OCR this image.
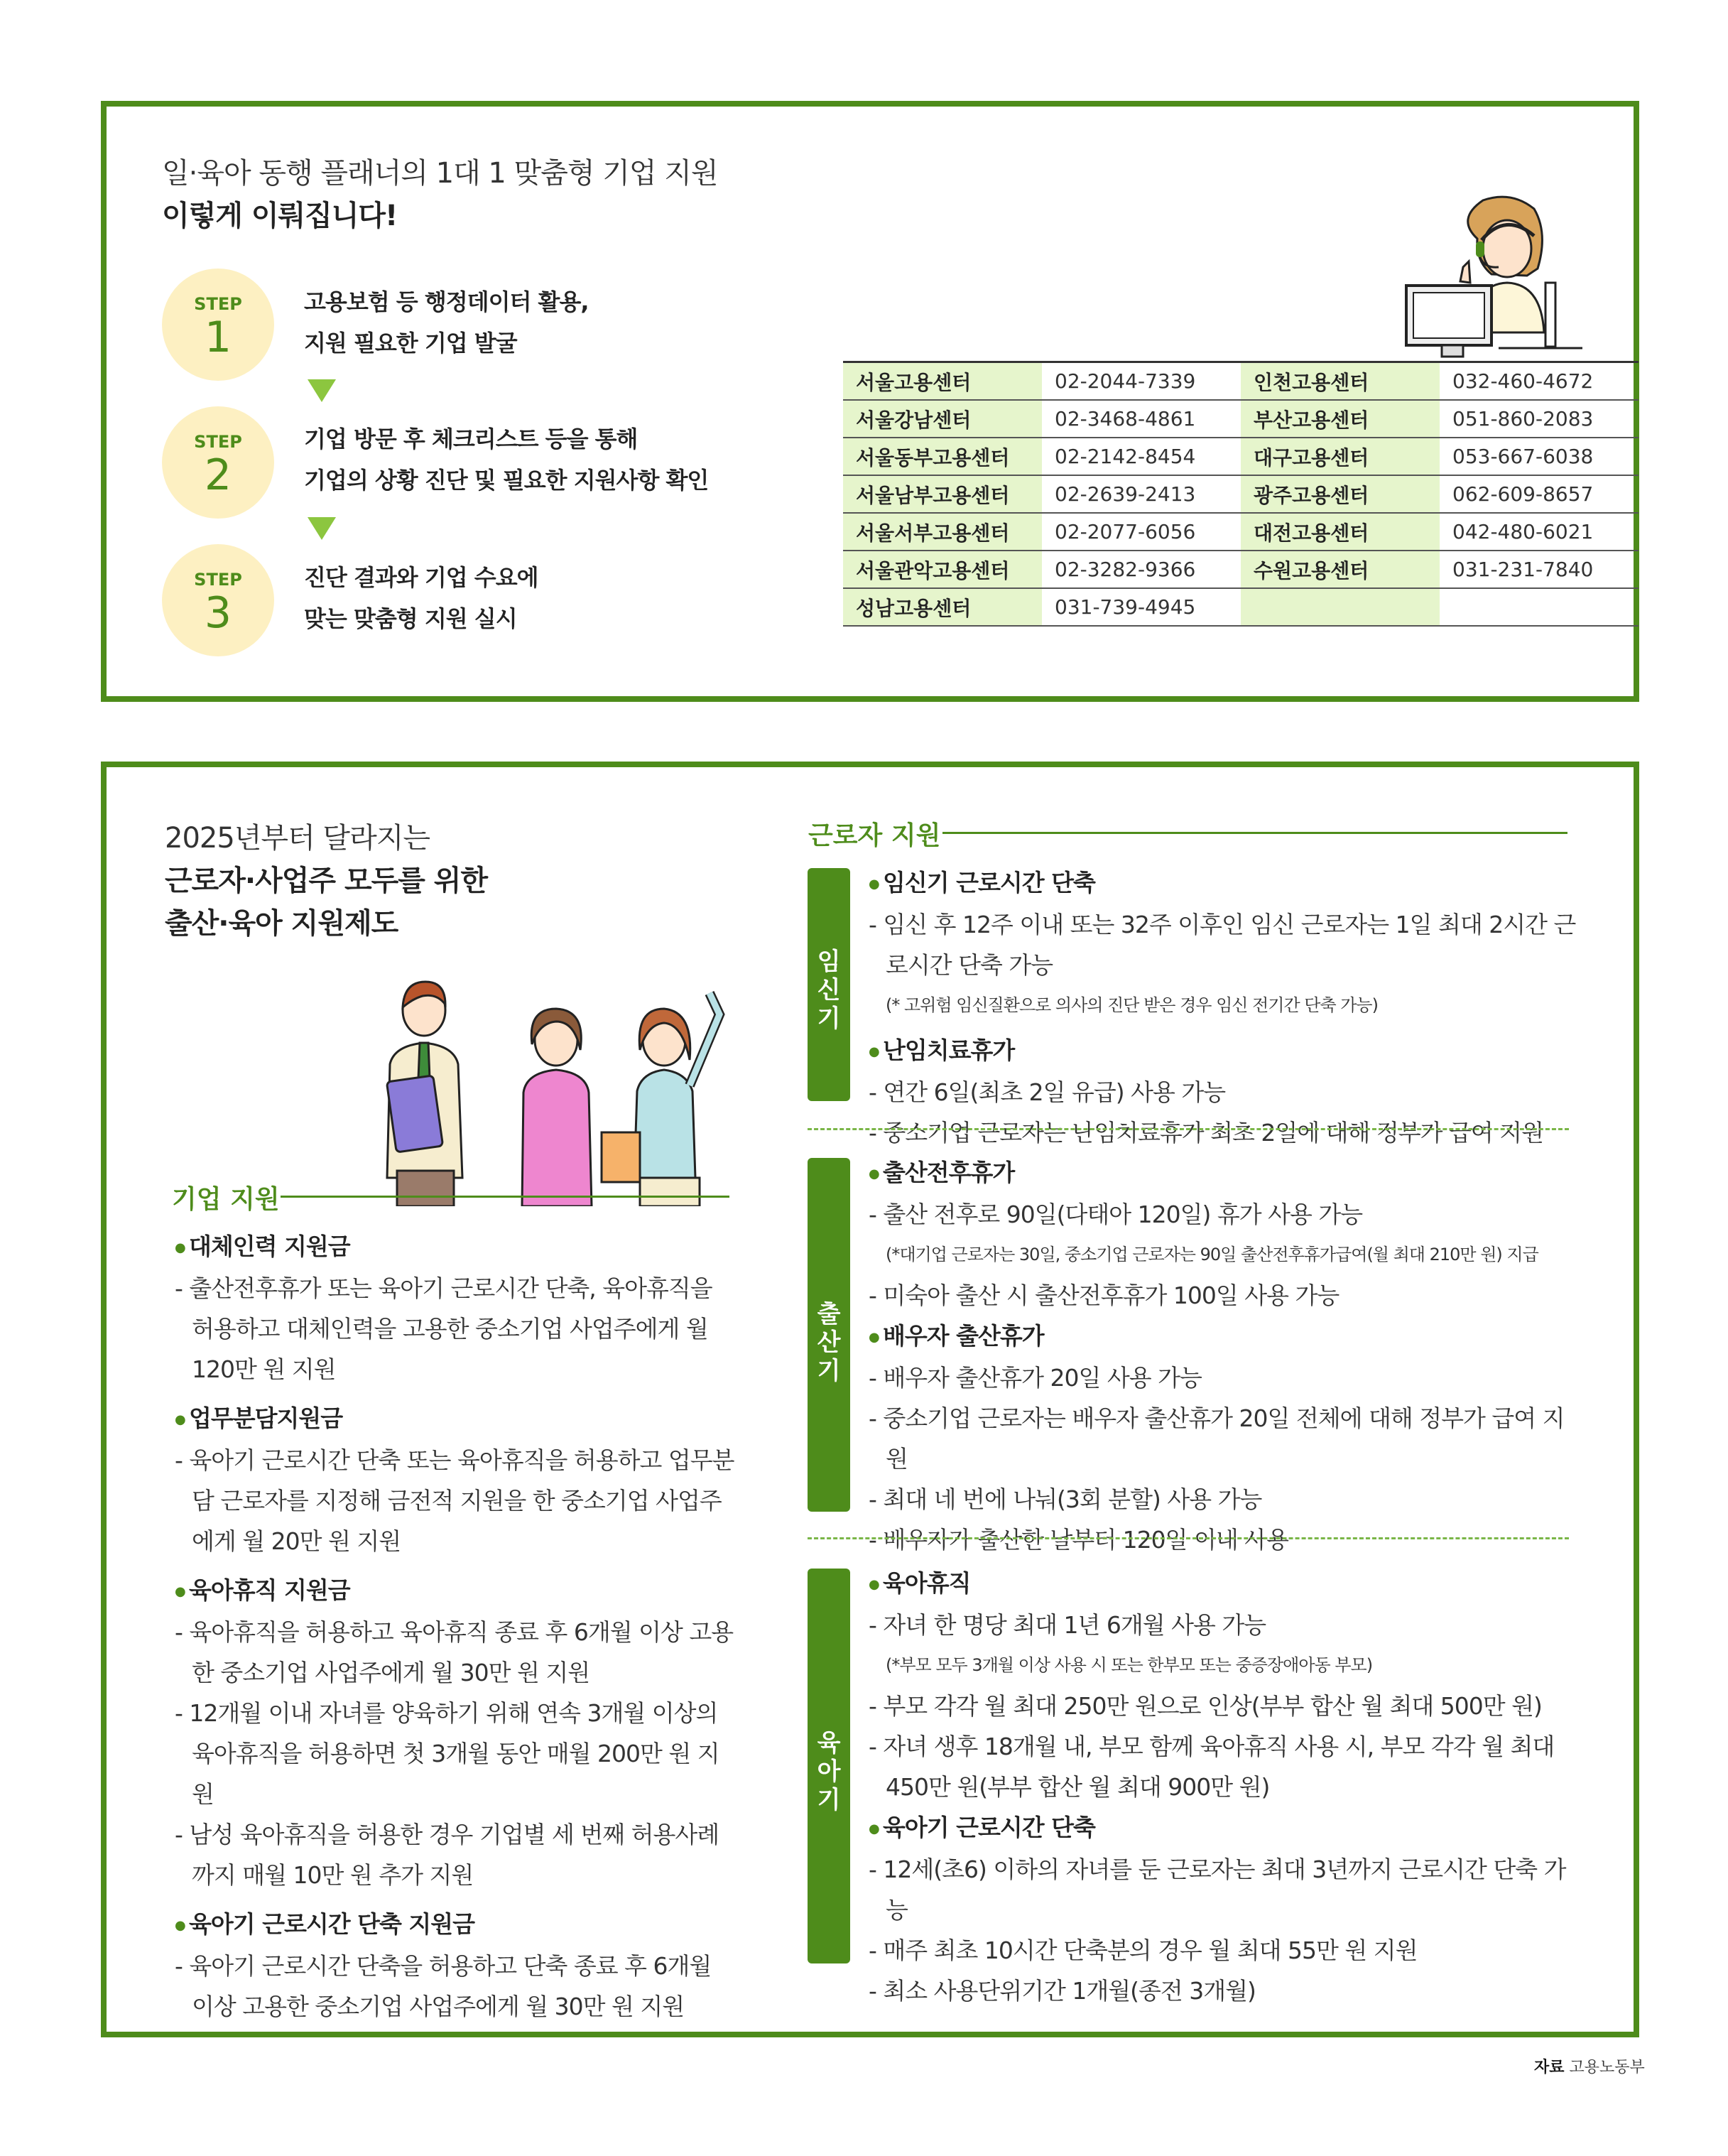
일·육아 동행 플래너의 1대 1 맞춤형 기업 지원
이렇게 이뤄집니다!
STEP
1
고용보험 등 행정데이터 활용,
지원 필요한 기업 발굴
STEP
2
기업 방문 후 체크리스트 등을 통해
기업의 상황 진단 및 필요한 지원사항 확인
STEP
3
진단 결과와 기업 수요에
맞는 맞춤형 지원 실시
서울고용센터	02-2044-7339	인천고용센터	032-460-4672
서울강남센터	02-3468-4861	부산고용센터	051-860-2083
서울동부고용센터	02-2142-8454	대구고용센터	053-667-6038
서울남부고용센터	02-2639-2413	광주고용센터	062-609-8657
서울서부고용센터	02-2077-6056	대전고용센터	042-480-6021
서울관악고용센터	02-3282-9366	수원고용센터	031-231-7840
성남고용센터	031-739-4945		
2025년부터 달라지는
근로자·사업주 모두를 위한
출산·육아 지원제도
기업 지원
● 대체인력 지원금
- 출산전후휴가 또는 육아기 근로시간 단축, 육아휴직을 허용하고 대체인력을 고용한 중소기업 사업주에게 월 120만 원 지원
● 업무분담지원금
- 육아기 근로시간 단축 또는 육아휴직을 허용하고 업무분담 근로자를 지정해 금전적 지원을 한 중소기업 사업주에게 월 20만 원 지원
● 육아휴직 지원금
- 육아휴직을 허용하고 육아휴직 종료 후 6개월 이상 고용한 중소기업 사업주에게 월 30만 원 지원
- 12개월 이내 자녀를 양육하기 위해 연속 3개월 이상의 육아휴직을 허용하면 첫 3개월 동안 매월 200만 원 지원
- 남성 육아휴직을 허용한 경우 기업별 세 번째 허용사례까지 매월 10만 원 추가 지원
● 육아기 근로시간 단축 지원금
- 육아기 근로시간 단축을 허용하고 단축 종료 후 6개월 이상 고용한 중소기업 사업주에게 월 30만 원 지원
근로자 지원
임신기
● 임신기 근로시간 단축
- 임신 후 12주 이내 또는 32주 이후인 임신 근로자는 1일 최대 2시간 근로시간 단축 가능
(* 고위험 임신질환으로 의사의 진단 받은 경우 임신 전기간 단축 가능)
● 난임치료휴가
- 연간 6일(최초 2일 유급) 사용 가능
- 중소기업 근로자는 난임치료휴가 최초 2일에 대해 정부가 급여 지원
출산기
● 출산전후휴가
- 출산 전후로 90일(다태아 120일) 휴가 사용 가능
(*대기업 근로자는 30일, 중소기업 근로자는 90일 출산전후휴가급여(월 최대 210만 원) 지급
- 미숙아 출산 시 출산전후휴가 100일 사용 가능
● 배우자 출산휴가
- 배우자 출산휴가 20일 사용 가능
- 중소기업 근로자는 배우자 출산휴가 20일 전체에 대해 정부가 급여 지원
- 최대 네 번에 나눠(3회 분할) 사용 가능
- 배우자가 출산한 날부터 120일 이내 사용
육아기
● 육아휴직
- 자녀 한 명당 최대 1년 6개월 사용 가능
(*부모 모두 3개월 이상 사용 시 또는 한부모 또는 중증장애아동 부모)
- 부모 각각 월 최대 250만 원으로 인상(부부 합산 월 최대 500만 원)
- 자녀 생후 18개월 내, 부모 함께 육아휴직 사용 시, 부모 각각 월 최대 450만 원(부부 합산 월 최대 900만 원)
● 육아기 근로시간 단축
- 12세(초6) 이하의 자녀를 둔 근로자는 최대 3년까지 근로시간 단축 가능
- 매주 최초 10시간 단축분의 경우 월 최대 55만 원 지원
- 최소 사용단위기간 1개월(종전 3개월)
자료 고용노동부
